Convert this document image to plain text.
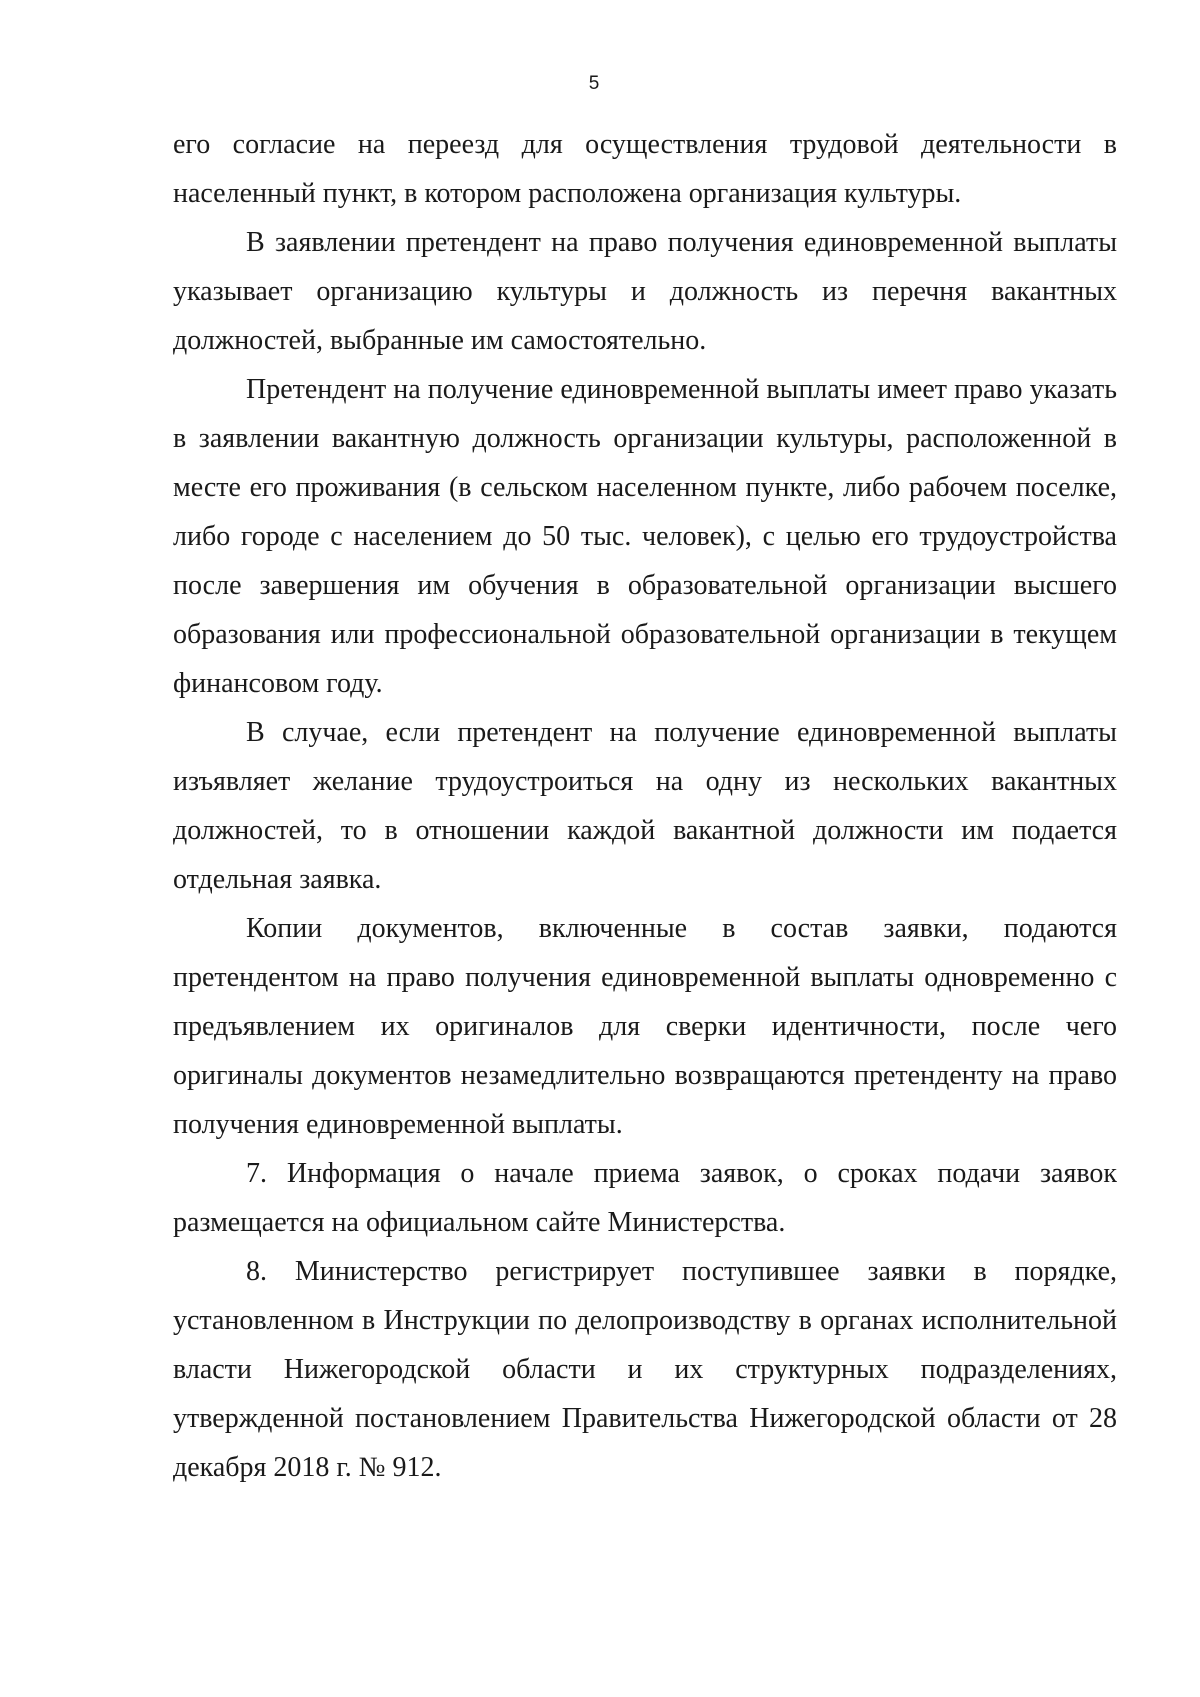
5

его согласие на переезд для осуществления трудовой деятельности в населенный пункт, в котором расположена организация культуры.

В заявлении претендент на право получения единовременной выплаты указывает организацию культуры и должность из перечня вакантных должностей, выбранные им самостоятельно.

Претендент на получение единовременной выплаты имеет право указать в заявлении вакантную должность организации культуры, расположенной в месте его проживания (в сельском населенном пункте, либо рабочем поселке, либо городе с населением до 50 тыс. человек), с целью его трудоустройства после завершения им обучения в образовательной организации высшего образования или профессиональной образовательной организации в текущем финансовом году.

В случае, если претендент на получение единовременной выплаты изъявляет желание трудоустроиться на одну из нескольких вакантных должностей, то в отношении каждой вакантной должности им подается отдельная заявка.

Копии документов, включенные в состав заявки, подаются претендентом на право получения единовременной выплаты одновременно с предъявлением их оригиналов для сверки идентичности, после чего оригиналы документов незамедлительно возвращаются претенденту на право получения единовременной выплаты.

7. Информация о начале приема заявок, о сроках подачи заявок размещается на официальном сайте Министерства.

8. Министерство регистрирует поступившее заявки в порядке, установленном в Инструкции по делопроизводству в органах исполнительной власти Нижегородской области и их структурных подразделениях, утвержденной постановлением Правительства Нижегородской области от 28 декабря 2018 г. № 912.
